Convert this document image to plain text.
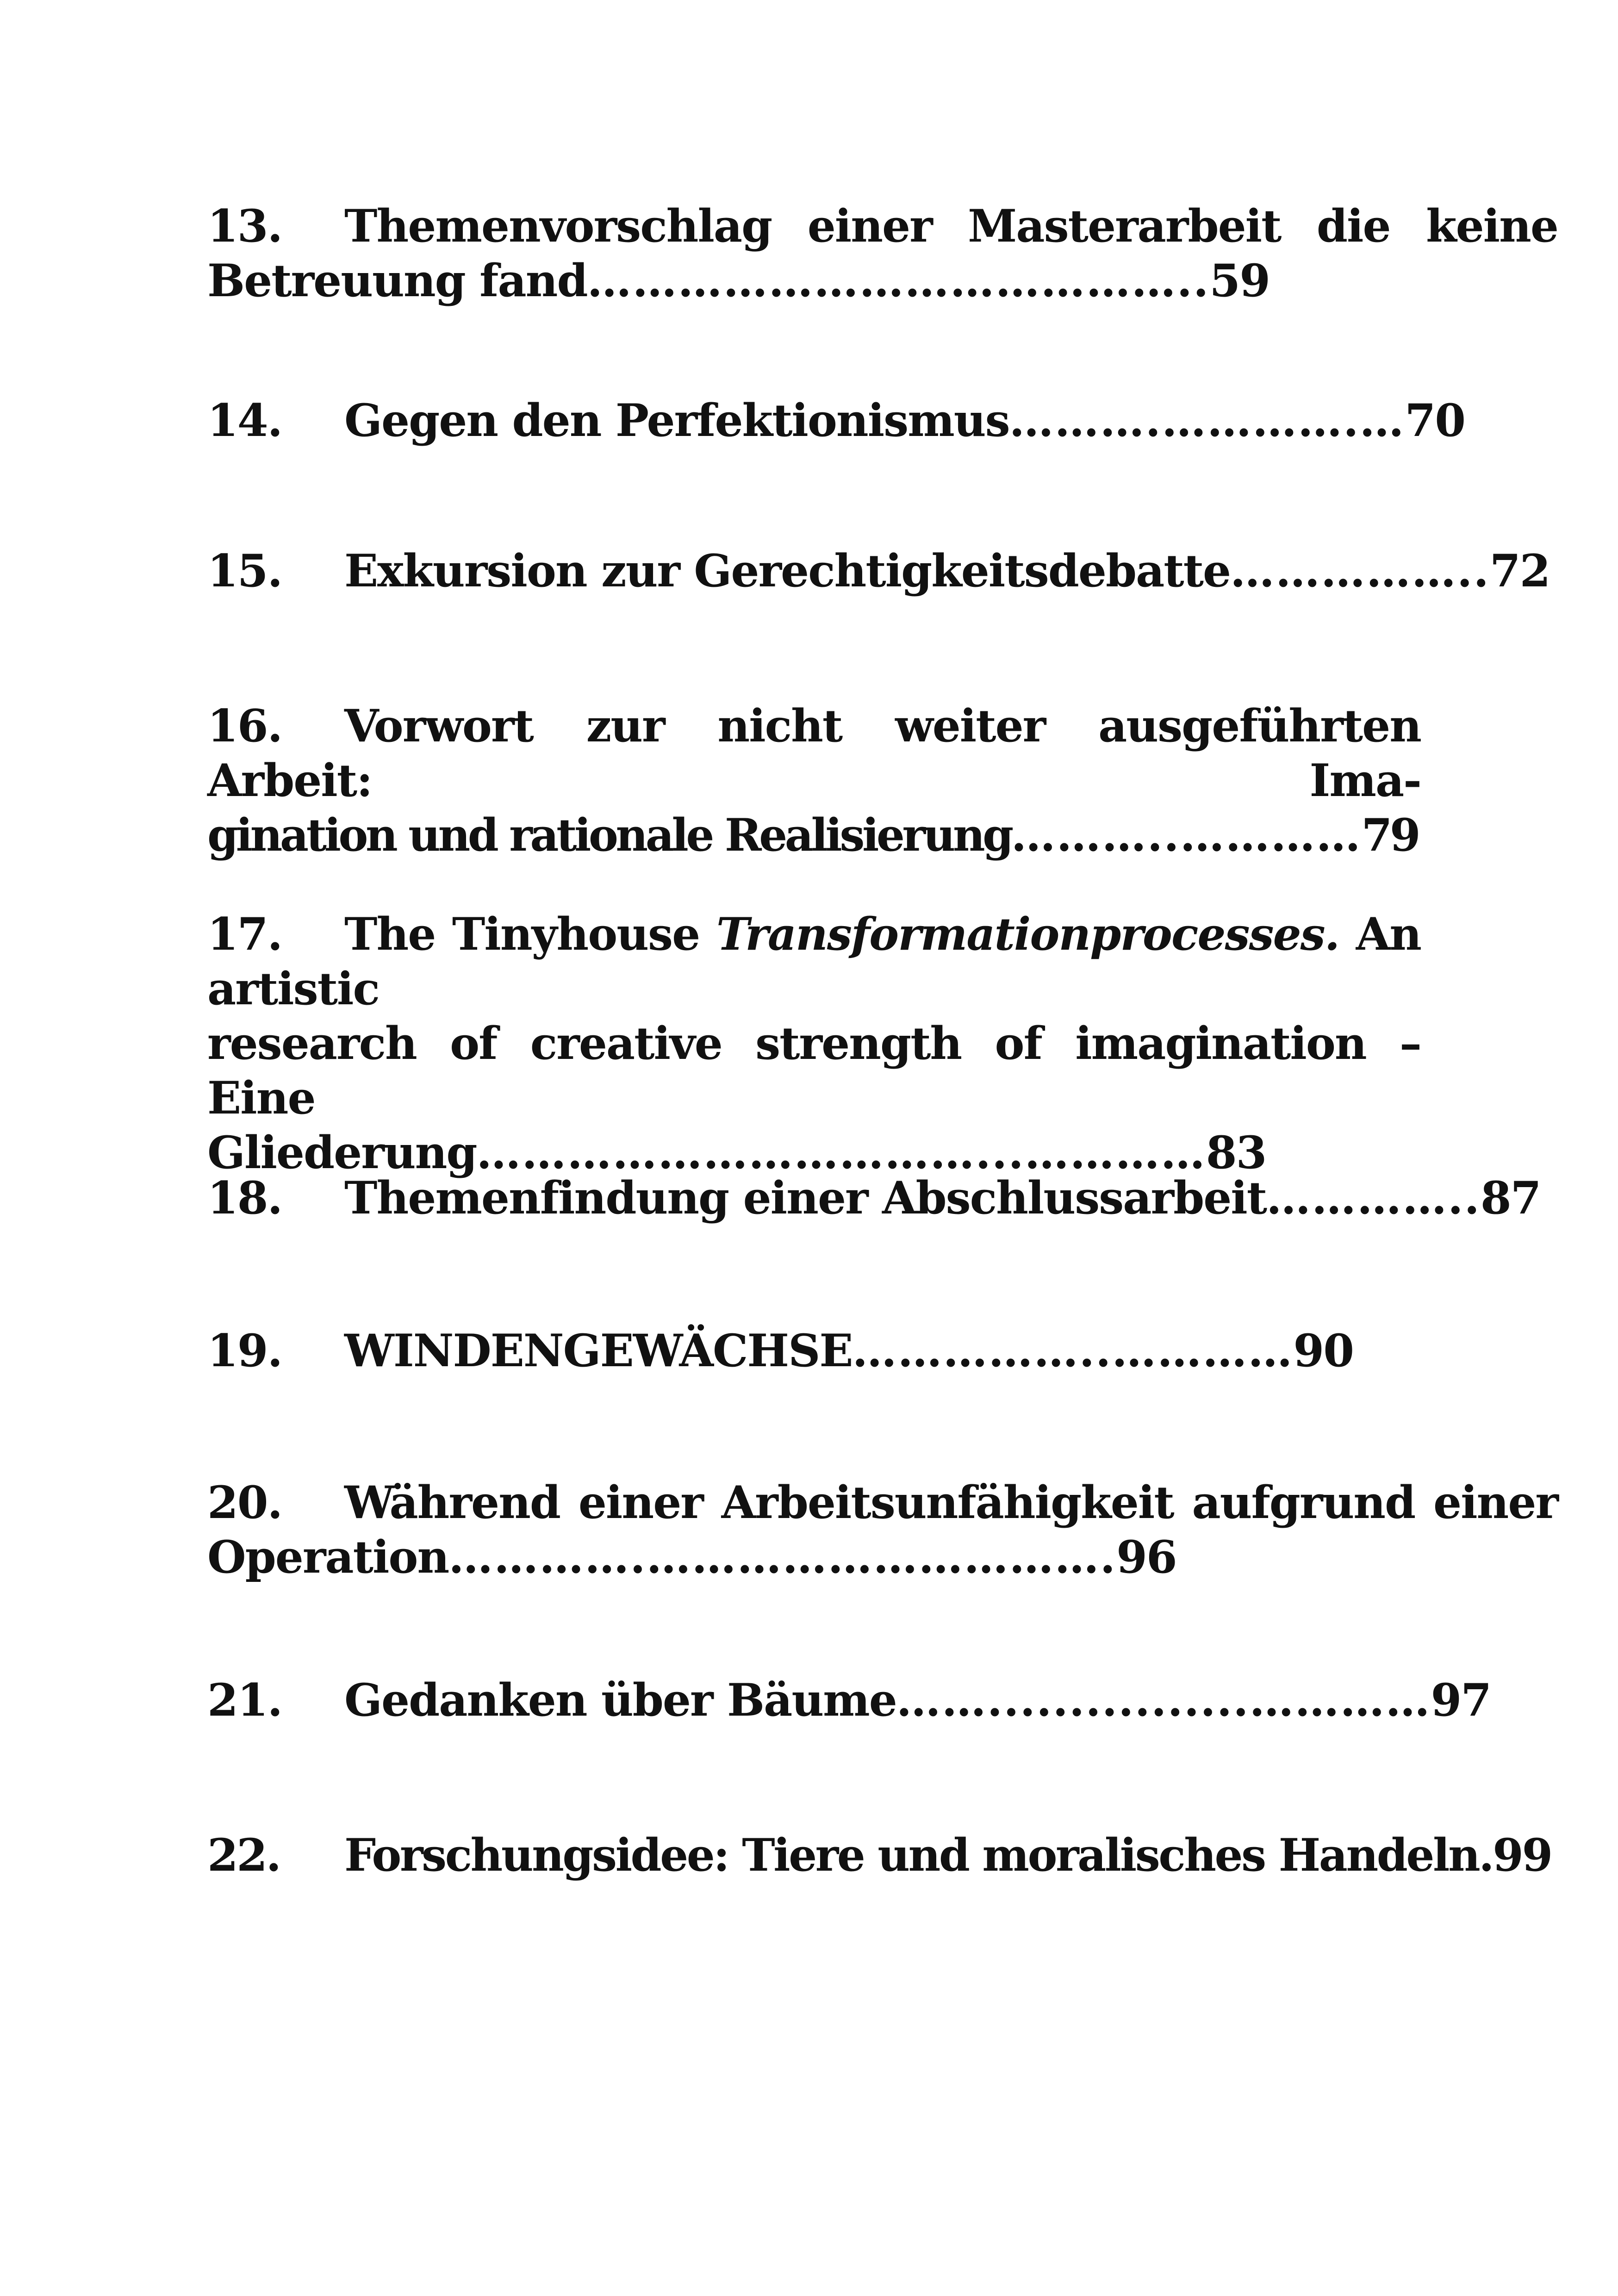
13. Themenvorschlag einer Masterarbeit die keine
Betreuung fand…………………………………..59
14. Gegen den Perfektionismus……….………….…70
15. Exkursion zur Gerechtigkeitsdebatte……………..72
16. Vorwort zur nicht weiter ausgeführten Arbeit: Ima-
gination und rationale Realisierung………..…………79
17. The Tinyhouse Transformationprocesses. An artistic
research of creative strength of imagination – Eine
Gliederung……………………………...…………83
18. Themenfindung einer Abschlussarbeit…………..87
19. WINDENGEWÄCHSE……………..…………90
20. Während einer Arbeitsunfähigkeit aufgrund einer
Operation………….………………………….96
21. Gedanken über Bäume……................…………97
22. Forschungsidee: Tiere und moralisches Handeln.99
